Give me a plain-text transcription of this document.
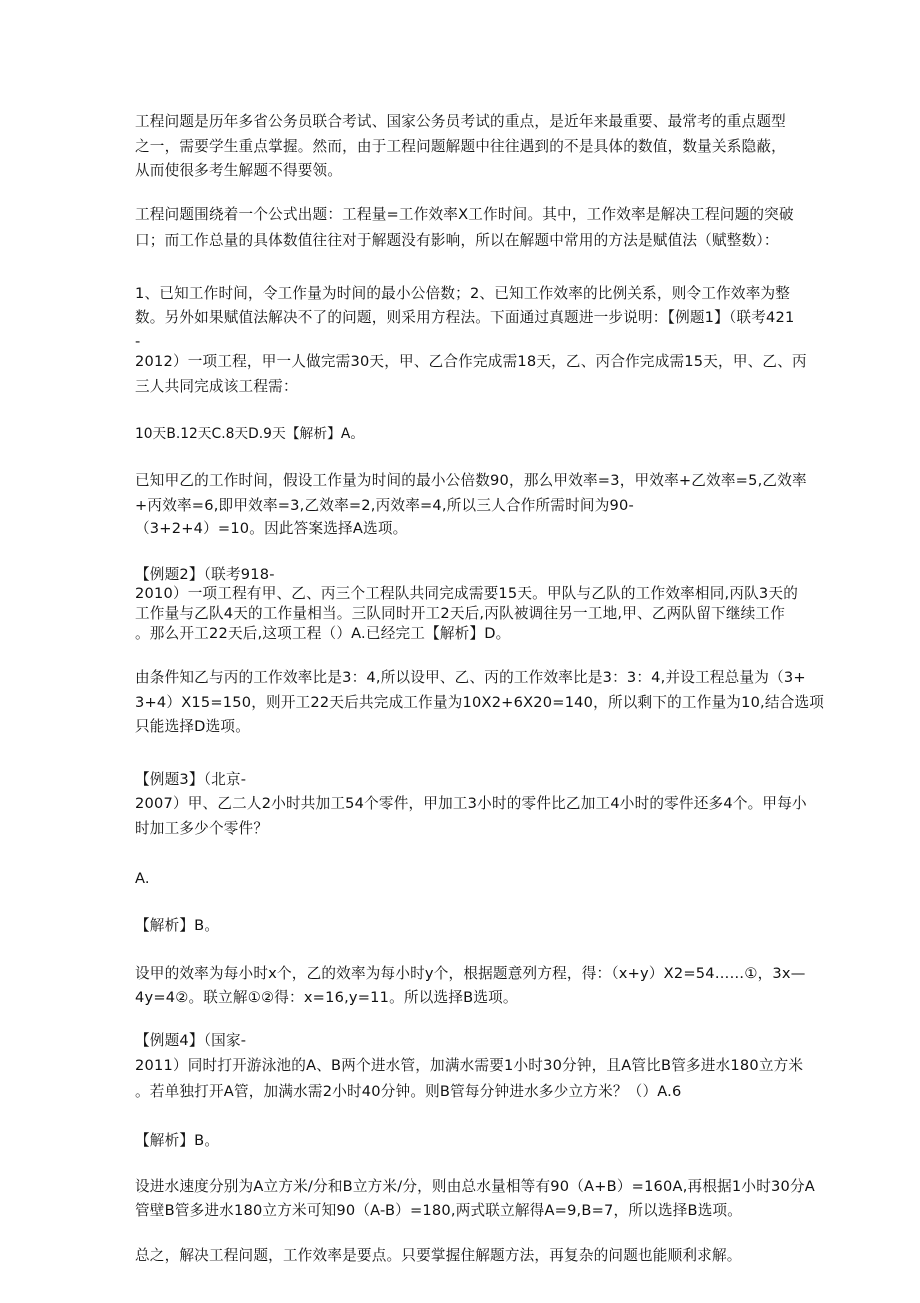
工程问题是历年多省公务员联合考试、国家公务员考试的重点，是近年来最重要、最常考的重点题型
之一，需要学生重点掌握。然而，由于工程问题解题中往往遇到的不是具体的数值，数量关系隐蔽，
从而使很多考生解题不得要领。
工程问题围绕着一个公式出题：工程量=工作效率X工作时间。其中，工作效率是解决工程问题的突破
口；而工作总量的具体数值往往对于解题没有影响，所以在解题中常用的方法是赋值法（赋整数）：
1、已知工作时间，令工作量为时间的最小公倍数；2、已知工作效率的比例关系，则令工作效率为整
数。另外如果赋值法解决不了的问题，则采用方程法。下面通过真题进一步说明：【例题1】（联考421
-
2012）一项工程，甲一人做完需30天，甲、乙合作完成需18天，乙、丙合作完成需15天，甲、乙、丙
三人共同完成该工程需：
10天B.12天C.8天D.9天【解析】A。
已知甲乙的工作时间，假设工作量为时间的最小公倍数90，那么甲效率=3，甲效率+乙效率=5,乙效率
+丙效率=6,即甲效率=3,乙效率=2,丙效率=4,所以三人合作所需时间为90-
（3+2+4）=10。因此答案选择A选项。
【例题2】（联考918-
2010）一项工程有甲、乙、丙三个工程队共同完成需要15天。甲队与乙队的工作效率相同,丙队3天的
工作量与乙队4天的工作量相当。三队同时开工2天后,丙队被调往另一工地,甲、乙两队留下继续工作
。那么开工22天后,这项工程（）A.已经完工【解析】D。
由条件知乙与丙的工作效率比是3：4,所以设甲、乙、丙的工作效率比是3：3：4,并设工程总量为（3+
3+4）X15=150，则开工22天后共完成工作量为10X2+6X20=140，所以剩下的工作量为10,结合选项
只能选择D选项。
【例题3】（北京-
2007）甲、乙二人2小时共加工54个零件，甲加工3小时的零件比乙加工4小时的零件还多4个。甲每小
时加工多少个零件？
A.
【解析】B。
设甲的效率为每小时x个，乙的效率为每小时y个，根据题意列方程，得：（x+y）X2=54……①，3x—
4y=4②。联立解①②得：x=16,y=11。所以选择B选项。
【例题4】（国家-
2011）同时打开游泳池的A、B两个进水管，加满水需要1小时30分钟，且A管比B管多进水180立方米
。若单独打开A管，加满水需2小时40分钟。则B管每分钟进水多少立方米？（）A.6
【解析】B。
设进水速度分别为A立方米/分和B立方米/分，则由总水量相等有90（A+B）=160A,再根据1小时30分A
管壁B管多进水180立方米可知90（A-B）=180,两式联立解得A=9,B=7，所以选择B选项。
总之，解决工程问题，工作效率是要点。只要掌握住解题方法，再复杂的问题也能顺利求解。
